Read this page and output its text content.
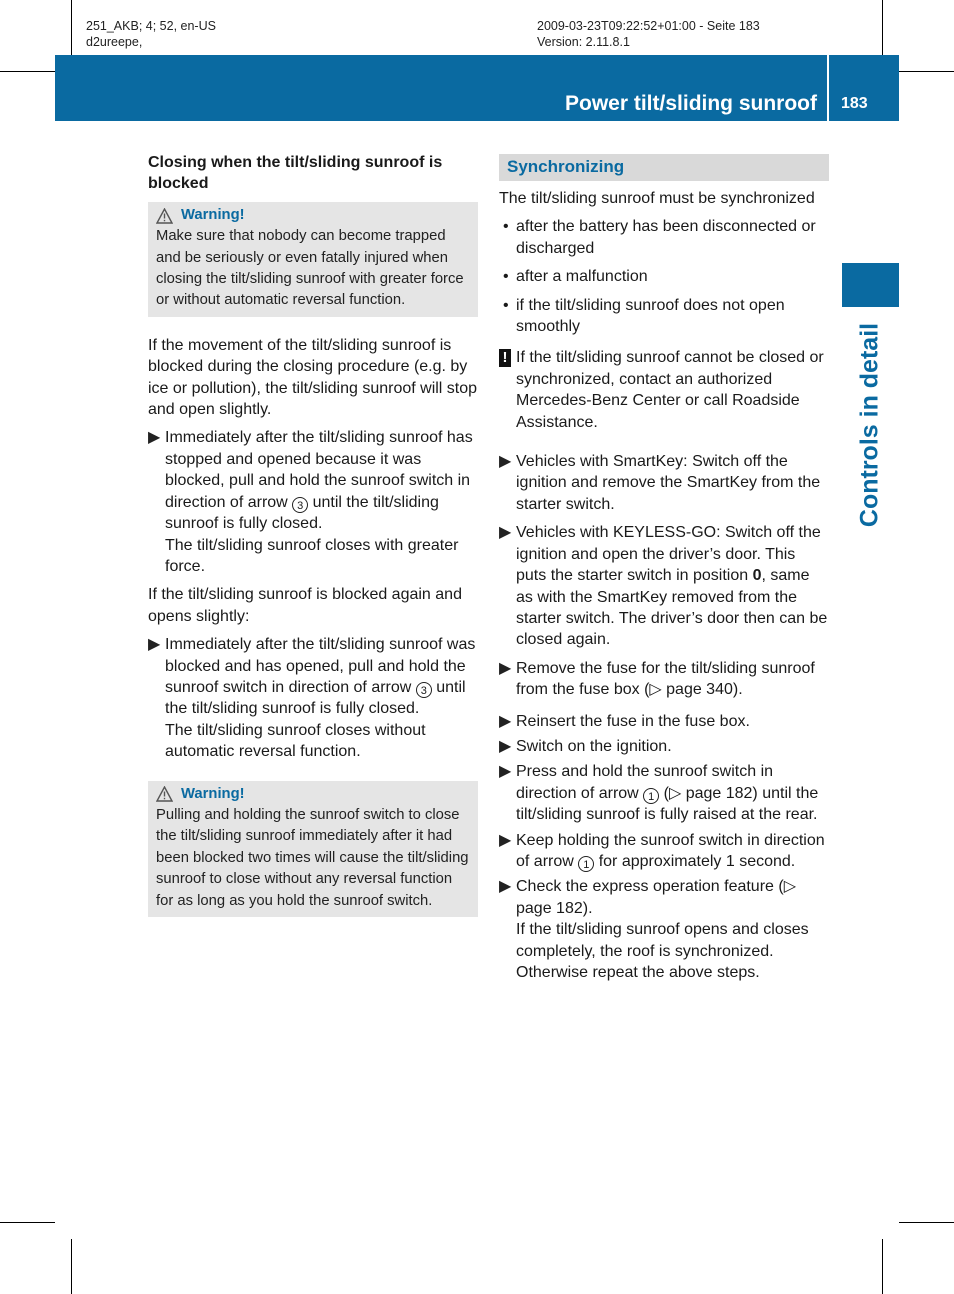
251_AKB; 4; 52, en-US
d2ureepe,
2009-03-23T09:22:52+01:00 - Seite 183
Version: 2.11.8.1
Power tilt/sliding sunroof 183
Controls in detail

Closing when the tilt/sliding sunroof is blocked

Warning!
Make sure that nobody can become trapped and be seriously or even fatally injured when closing the tilt/sliding sunroof with greater force or without automatic reversal function.

If the movement of the tilt/sliding sunroof is blocked during the closing procedure (e.g. by ice or pollution), the tilt/sliding sunroof will stop and open slightly.

▶ Immediately after the tilt/sliding sunroof has stopped and opened because it was blocked, pull and hold the sunroof switch in direction of arrow 3 until the tilt/sliding sunroof is fully closed.
The tilt/sliding sunroof closes with greater force.

If the tilt/sliding sunroof is blocked again and opens slightly:

▶ Immediately after the tilt/sliding sunroof was blocked and has opened, pull and hold the sunroof switch in direction of arrow 3 until the tilt/sliding sunroof is fully closed.
The tilt/sliding sunroof closes without automatic reversal function.
Warning!
Pulling and holding the sunroof switch to close the tilt/sliding sunroof immediately after it had been blocked two times will cause the tilt/sliding sunroof to close without any reversal function for as long as you hold the sunroof switch.
Synchronizing

The tilt/sliding sunroof must be synchronized

• after the battery has been disconnected or discharged
• after a malfunction
• if the tilt/sliding sunroof does not open smoothly
! If the tilt/sliding sunroof cannot be closed or synchronized, contact an authorized Mercedes-Benz Center or call Roadside Assistance.
▶ Vehicles with SmartKey: Switch off the ignition and remove the SmartKey from the starter switch.
▶ Vehicles with KEYLESS-GO: Switch off the ignition and open the driver’s door. This puts the starter switch in position 0, same as with the SmartKey removed from the starter switch. The driver’s door then can be closed again.
▶ Remove the fuse for the tilt/sliding sunroof from the fuse box (▷ page 340).
▶ Reinsert the fuse in the fuse box.
▶ Switch on the ignition.
▶ Press and hold the sunroof switch in direction of arrow 1 (▷ page 182) until the tilt/sliding sunroof is fully raised at the rear.
▶ Keep holding the sunroof switch in direction of arrow 1 for approximately 1 second.
▶ Check the express operation feature (▷ page 182).
If the tilt/sliding sunroof opens and closes completely, the roof is synchronized. Otherwise repeat the above steps.
